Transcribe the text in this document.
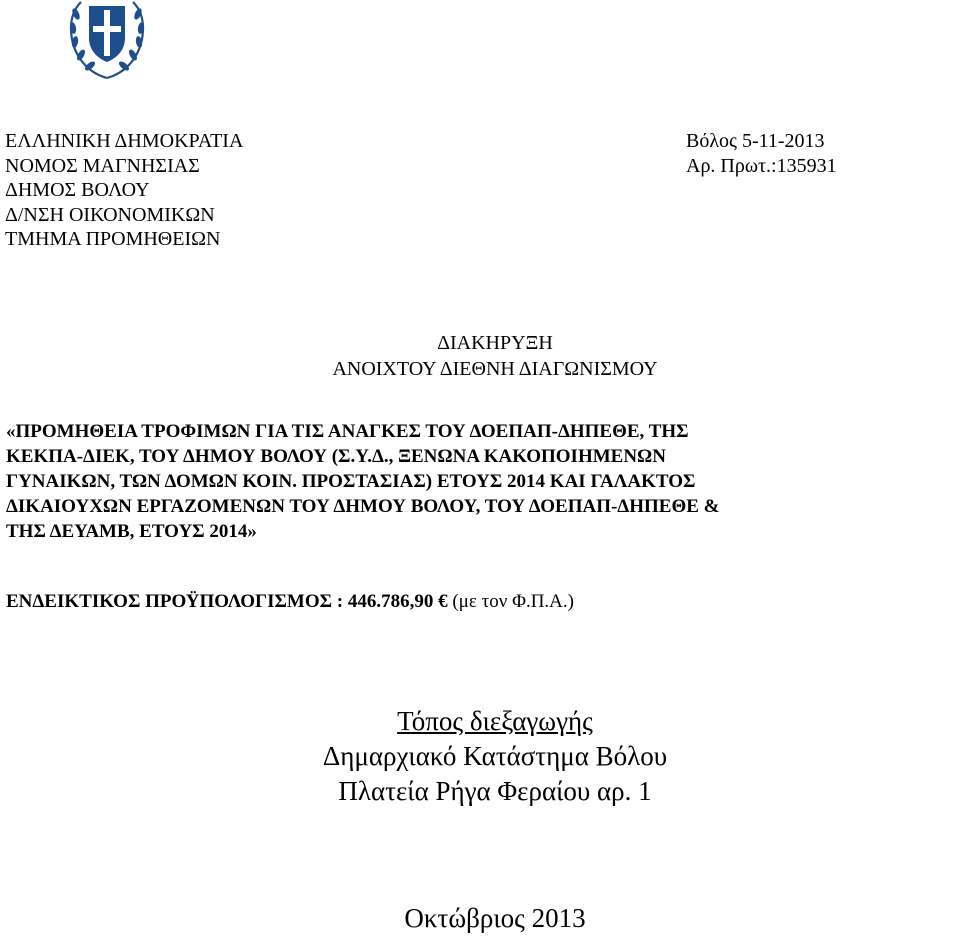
ΕΛΛΗΝΙΚΗ ΔΗΜΟΚΡΑΤΙΑ
ΝΟΜΟΣ ΜΑΓΝΗΣΙΑΣ
ΔΗΜΟΣ ΒΟΛΟΥ
Δ/ΝΣΗ ΟΙΚΟΝΟΜΙΚΩΝ
ΤΜΗΜΑ ΠΡΟΜΗΘΕΙΩΝ
Βόλος 5-11-2013
Αρ. Πρωτ.:135931
ΔΙΑΚΗΡΥΞΗ
ΑΝΟΙΧΤΟΥ ΔΙΕΘΝΗ ΔΙΑΓΩΝΙΣΜΟΥ
«ΠΡΟΜΗΘΕΙΑ ΤΡΟΦΙΜΩΝ ΓΙΑ ΤΙΣ ΑΝΑΓΚΕΣ ΤΟΥ ΔΟΕΠΑΠ-ΔΗΠΕΘΕ, ΤΗΣ
ΚΕΚΠΑ-ΔΙΕΚ, ΤΟΥ ΔΗΜΟΥ ΒΟΛΟΥ (Σ.Υ.Δ., ΞΕΝΩΝΑ ΚΑΚΟΠΟΙΗΜΕΝΩΝ
ΓΥΝΑΙΚΩΝ, ΤΩΝ ΔΟΜΩΝ ΚΟΙΝ. ΠΡΟΣΤΑΣΙΑΣ) ΕΤΟΥΣ 2014 ΚΑΙ ΓΑΛΑΚΤΟΣ
ΔΙΚΑΙΟΥΧΩΝ ΕΡΓΑΖΟΜΕΝΩΝ ΤΟΥ ΔΗΜΟΥ ΒΟΛΟΥ, ΤΟΥ ΔΟΕΠΑΠ-ΔΗΠΕΘΕ &
ΤΗΣ ΔΕΥΑΜΒ, ΕΤΟΥΣ 2014»
ΕΝΔΕΙΚΤΙΚΟΣ ΠΡΟΫΠΟΛΟΓΙΣΜΟΣ : 446.786,90 € (με τον Φ.Π.Α.)
Τόπος διεξαγωγής
Δημαρχιακό Κατάστημα Βόλου
Πλατεία Ρήγα Φεραίου αρ. 1
Οκτώβριος 2013
